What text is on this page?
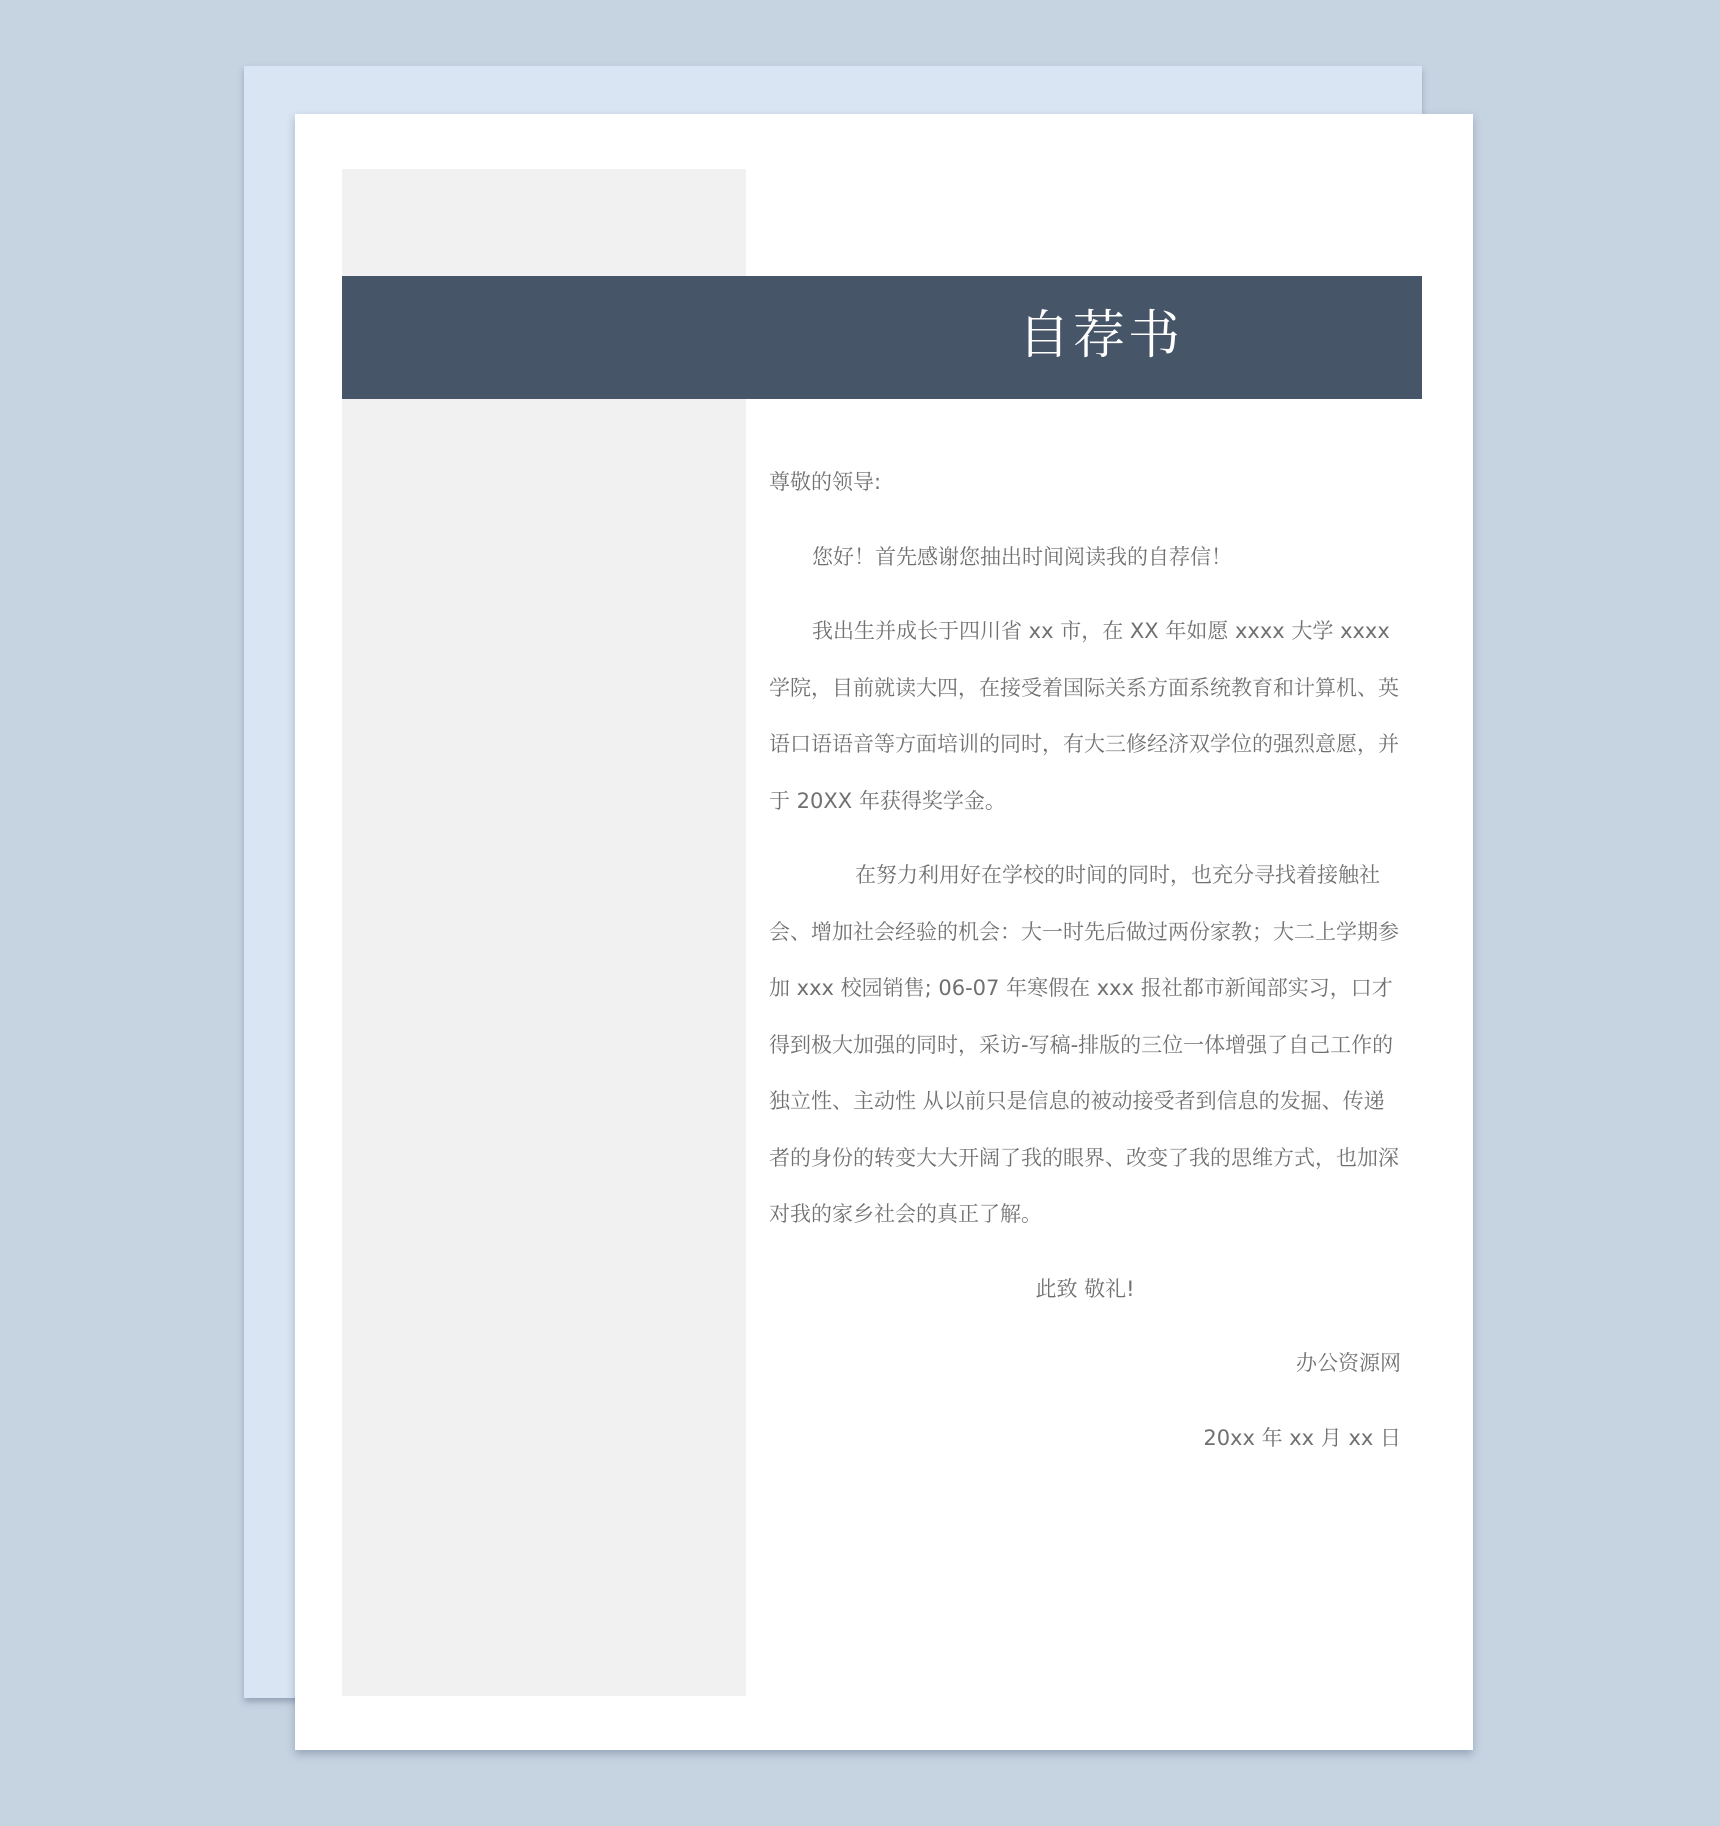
自荐书

尊敬的领导:

您好！首先感谢您抽出时间阅读我的自荐信！

我出生并成长于四川省 xx 市，在 XX 年如愿 xxxx 大学 xxxx 学院，目前就读大四，在接受着国际关系方面系统教育和计算机、英语口语语音等方面培训的同时，有大三修经济双学位的强烈意愿，并于 20XX 年获得奖学金。

在努力利用好在学校的时间的同时，也充分寻找着接触社会、增加社会经验的机会：大一时先后做过两份家教；大二上学期参加 xxx 校园销售; 06-07 年寒假在 xxx 报社都市新闻部实习，口才得到极大加强的同时，采访-写稿-排版的三位一体增强了自己工作的独立性、主动性 从以前只是信息的被动接受者到信息的发掘、传递者的身份的转变大大开阔了我的眼界、改变了我的思维方式，也加深对我的家乡社会的真正了解。

此致 敬礼!

办公资源网

20xx 年 xx 月 xx 日
